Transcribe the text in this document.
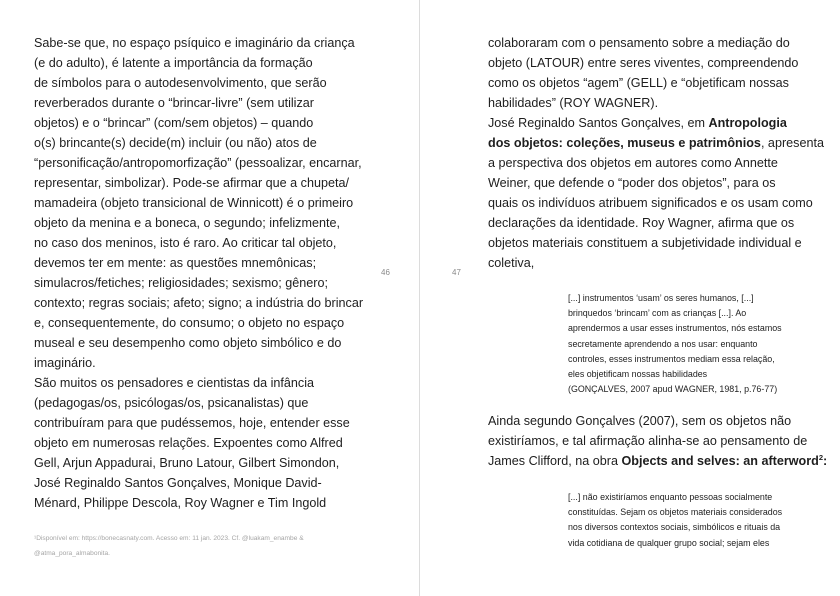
Sabe-se que, no espaço psíquico e imaginário da criança
(e do adulto), é latente a importância da formação
de símbolos para o autodesenvolvimento, que serão
reverberados durante o “brincar-livre” (sem utilizar
objetos) e o “brincar” (com/sem objetos) – quando
o(s) brincante(s) decide(m) incluir (ou não) atos de
“personificação/antropomorfização” (pessoalizar, encarnar,
representar, simbolizar). Pode-se afirmar que a chupeta/
mamadeira (objeto transicional de Winnicott) é o primeiro
objeto da menina e a boneca, o segundo; infelizmente,
no caso dos meninos, isto é raro. Ao criticar tal objeto,
devemos ter em mente: as questões mnemônicas;
simulacros/fetiches; religiosidades; sexismo; gênero;
contexto; regras sociais; afeto; signo; a indústria do brincar
e, consequentemente, do consumo; o objeto no espaço
museal e seu desempenho como objeto simbólico e do
imaginário.
São muitos os pensadores e cientistas da infância
(pedagogas/os, psicólogas/os, psicanalistas) que
contribuíram para que pudéssemos, hoje, entender esse
objeto em numerosas relações. Expoentes como Alfred
Gell, Arjun Appadurai, Bruno Latour, Gilbert Simondon,
José Reginaldo Santos Gonçalves, Monique David-
Ménard, Philippe Descola, Roy Wagner e Tim Ingold
46
¹Disponível em: https://bonecasnaty.com. Acesso em: 11 jan. 2023. Cf. @luakam_enambe &
@atma_pora_almabonita.
47
colaboraram com o pensamento sobre a mediação do
objeto (LATOUR) entre seres viventes, compreendendo
como os objetos “agem” (GELL) e “objetificam nossas
habilidades” (ROY WAGNER).
José Reginaldo Santos Gonçalves, em Antropologia
dos objetos: coleções, museus e patrimônios, apresenta
a perspectiva dos objetos em autores como Annette
Weiner, que defende o “poder dos objetos”, para os
quais os indivíduos atribuem significados e os usam como
declarações da identidade. Roy Wagner, afirma que os
objetos materiais constituem a subjetividade individual e
coletiva,
[...] instrumentos ‘usam’ os seres humanos, [...]
brinquedos ‘brincam’ com as crianças [...]. Ao
aprendermos a usar esses instrumentos, nós estamos
secretamente aprendendo a nos usar: enquanto
controles, esses instrumentos mediam essa relação,
eles objetificam nossas habilidades
(GONÇALVES, 2007 apud WAGNER, 1981, p.76-77)
Ainda segundo Gonçalves (2007), sem os objetos não
existiríamos, e tal afirmação alinha-se ao pensamento de
James Clifford, na obra Objects and selves: an afterword$^2$:
[...] não existiríamos enquanto pessoas socialmente
constituídas. Sejam os objetos materiais considerados
nos diversos contextos sociais, simbólicos e rituais da
vida cotidiana de qualquer grupo social; sejam eles
